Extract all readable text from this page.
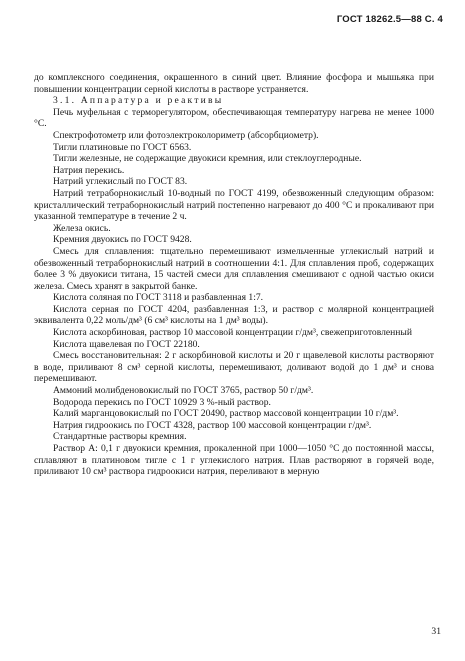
ГОСТ 18262.5—88 С. 4

до комплексного соединения, окрашенного в синий цвет. Влияние фосфора и мышьяка при повышении концентрации серной кислоты в растворе устраняется.

3.1. Аппаратура и реактивы

Печь муфельная с терморегулятором, обеспечивающая температуру нагрева не менее 1000 °С.

Спектрофотометр или фотоэлектроколориметр (абсорбциометр).

Тигли платиновые по ГОСТ 6563.

Тигли железные, не содержащие двуокиси кремния, или стеклоуглеродные.

Натрия перекись.

Натрий углекислый по ГОСТ 83.

Натрий тетраборнокислый 10-водный по ГОСТ 4199, обезвоженный следующим образом: кристаллический тетраборнокислый натрий постепенно нагревают до 400 °С и прокаливают при указанной температуре в течение 2 ч.

Железа окись.

Кремния двуокись по ГОСТ 9428.

Смесь для сплавления: тщательно перемешивают измельченные углекислый натрий и обезвоженный тетраборнокислый натрий в соотношении 4:1. Для сплавления проб, содержащих более 3 % двуокиси титана, 15 частей смеси для сплавления смешивают с одной частью окиси железа. Смесь хранят в закрытой банке.

Кислота соляная по ГОСТ 3118 и разбавленная 1:7.

Кислота серная по ГОСТ 4204, разбавленная 1:3, и раствор с молярной концентрацией эквивалента 0,22 моль/дм³ (6 см³ кислоты на 1 дм³ воды).

Кислота аскорбиновая, раствор 10 массовой концентрации г/дм³, свежеприготовленный

Кислота щавелевая по ГОСТ 22180.

Смесь восстановительная: 2 г аскорбиновой кислоты и 20 г щавелевой кислоты растворяют в воде, приливают 8 см³ серной кислоты, перемешивают, доливают водой до 1 дм³ и снова перемешивают.

Аммоний молибденовокислый по ГОСТ 3765, раствор 50 г/дм³.

Водорода перекись по ГОСТ 10929 3 %-ный раствор.

Калий марганцовокислый по ГОСТ 20490, раствор массовой концентрации 10 г/дм³.

Натрия гидроокись по ГОСТ 4328, раствор 100 массовой концентрации г/дм³.

Стандартные растворы кремния.

Раствор А: 0,1 г двуокиси кремния, прокаленной при 1000—1050 °С до постоянной массы, сплавляют в платиновом тигле с 1 г углекислого натрия. Плав растворяют в горячей воде, приливают 10 см³ раствора гидроокиси натрия, переливают в мерную

31
